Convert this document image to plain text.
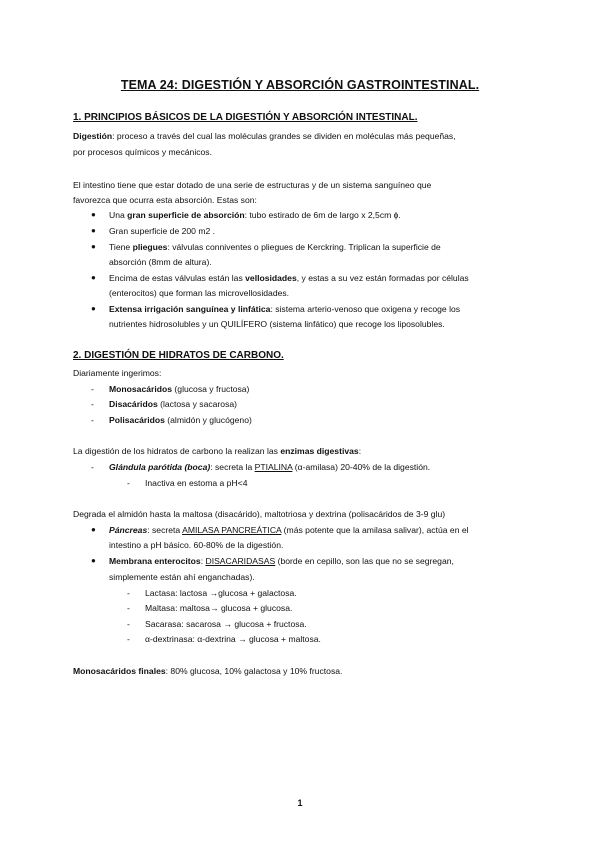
TEMA 24: DIGESTIÓN Y ABSORCIÓN GASTROINTESTINAL.
1. PRINCIPIOS BÁSICOS DE LA DIGESTIÓN Y ABSORCIÓN INTESTINAL.
Digestión: proceso a través del cual las moléculas grandes se dividen en moléculas más pequeñas,
por procesos químicos y mecánicos.
El intestino tiene que estar dotado de una serie de estructuras y de un sistema sanguíneo que
favorezca que ocurra esta absorción. Estas son:
● Una gran superficie de absorción: tubo estirado de 6m de largo x 2,5cm ɸ.
● Gran superficie de 200 m2 .
● Tiene pliegues: válvulas conniventes o pliegues de Kerckring. Triplican la superficie de
absorción (8mm de altura).
● Encima de estas válvulas están las vellosidades, y estas a su vez están formadas por células
(enterocitos) que forman las microvellosidades.
● Extensa irrigación sanguínea y linfática: sistema arterio-venoso que oxigena y recoge los
nutrientes hidrosolubles y un QUILÍFERO (sistema linfático) que recoge los liposolubles.
2. DIGESTIÓN DE HIDRATOS DE CARBONO.
Diariamente ingerimos:
- Monosacáridos (glucosa y fructosa)
- Disacáridos (lactosa y sacarosa)
- Polisacáridos (almidón y glucógeno)
La digestión de los hidratos de carbono la realizan las enzimas digestivas:
- Glándula parótida (boca): secreta la PTIALINA (α-amilasa) 20-40% de la digestión.
- Inactiva en estoma a pH<4
Degrada el almidón hasta la maltosa (disacárido), maltotriosa y dextrina (polisacáridos de 3-9 glu)
● Páncreas: secreta AMILASA PANCREÁTICA (más potente que la amilasa salivar), actúa en el
intestino a pH básico. 60-80% de la digestión.
● Membrana enterocitos: DISACARIDASAS (borde en cepillo, son las que no se segregan,
simplemente están ahí enganchadas).
- Lactasa: lactosa →glucosa + galactosa.
- Maltasa: maltosa→ glucosa + glucosa.
- Sacarasa: sacarosa → glucosa + fructosa.
- α-dextrinasa: α-dextrina → glucosa + maltosa.
Monosacáridos finales: 80% glucosa, 10% galactosa y 10% fructosa.
1
